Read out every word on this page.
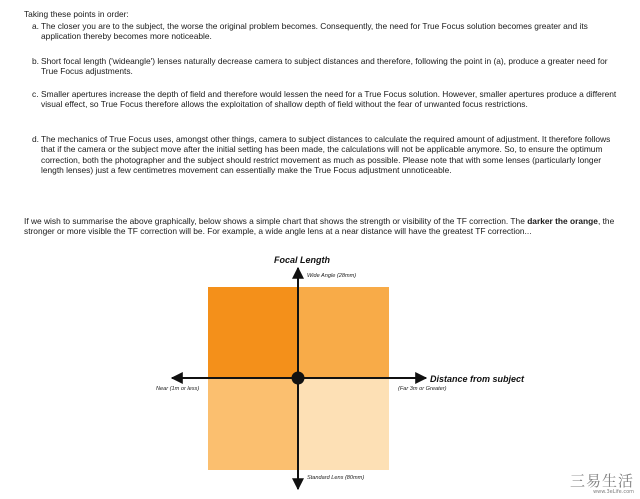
Taking these points in order:
a. The closer you are to the subject, the worse the original problem becomes. Consequently, the need for True Focus solution becomes greater and its application thereby becomes more noticeable.
b. Short focal length ('wideangle') lenses naturally decrease camera to subject distances and therefore, following the point in (a), produce a greater need for True Focus adjustments.
c. Smaller apertures increase the depth of field and therefore would lessen the need for a True Focus solution. However, smaller apertures produce a different visual effect, so True Focus therefore allows the exploitation of shallow depth of field without the fear of unwanted focus restrictions.
d. The mechanics of True Focus uses, amongst other things, camera to subject distances to calculate the required amount of adjustment. It therefore follows that if the camera or the subject move after the initial setting has been made, the calculations will not be applicable anymore. So, to ensure the optimum correction, both the photographer and the subject should restrict movement as much as possible. Please note that with some lenses (particularly longer length lenses) just a few centimetres movement can essentially make the True Focus adjustment unnoticeable.
If we wish to summarise the above graphically, below shows a simple chart that shows the strength or visibility of the TF correction. The darker the orange, the stronger or more visible the TF correction will be. For example, a wide angle lens at a near distance will have the greatest TF correction...
Focal Length
Wide Angle (28mm)
Standard Lens (80mm)
Near (1m or less)	(Far 3m or Greater)
Distance from subject
三易生活
www.3eLife.com
